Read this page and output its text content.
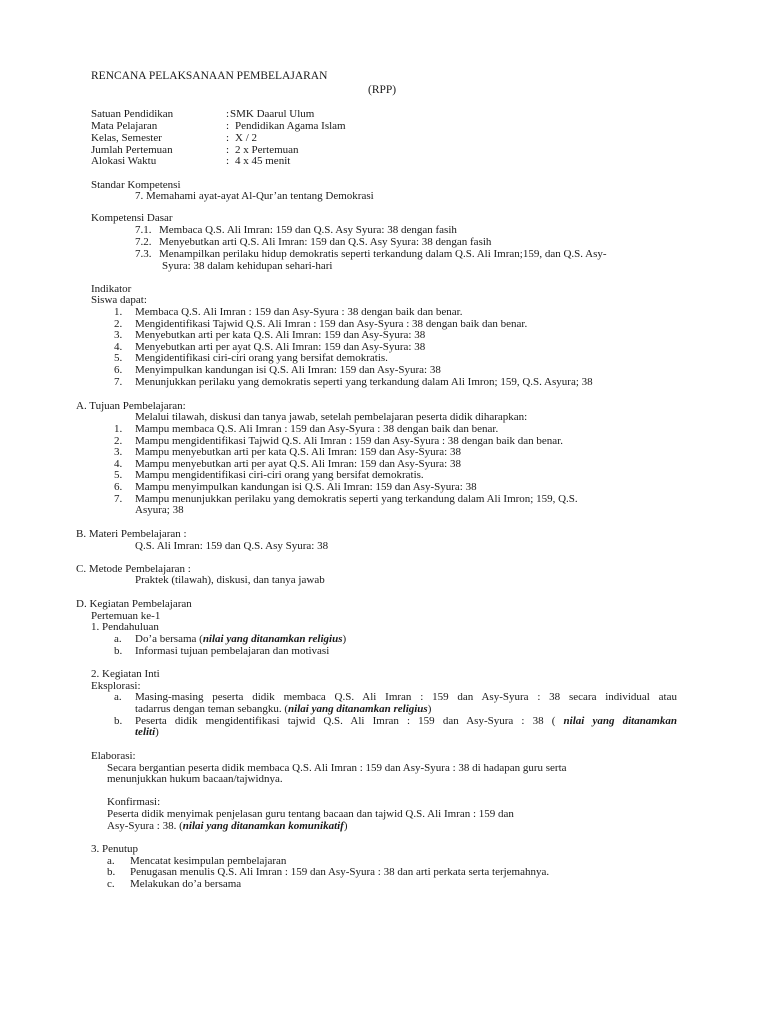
RENCANA PELAKSANAAN PEMBELAJARAN
(RPP)
Satuan Pendidikan	: SMK Daarul Ulum
Mata Pelajaran	: Pendidikan Agama Islam
Kelas, Semester	: X / 2
Jumlah Pertemuan	: 2 x Pertemuan
Alokasi Waktu	: 4 x 45 menit
Standar Kompetensi
7. Memahami ayat-ayat Al-Qur’an tentang Demokrasi
Kompetensi Dasar
7.1. Membaca Q.S. Ali Imran: 159 dan Q.S. Asy Syura: 38 dengan fasih
7.2. Menyebutkan arti Q.S. Ali Imran: 159 dan Q.S. Asy Syura: 38 dengan fasih
7.3. Menampilkan perilaku hidup demokratis seperti terkandung dalam Q.S. Ali Imran;159, dan Q.S. Asy-
Syura: 38 dalam kehidupan sehari-hari
Indikator
Siswa dapat:
1. Membaca Q.S. Ali Imran : 159 dan Asy-Syura : 38 dengan baik dan benar.
2. Mengidentifikasi Tajwid Q.S. Ali Imran : 159 dan Asy-Syura : 38 dengan baik dan benar.
3. Menyebutkan arti per kata Q.S. Ali Imran: 159 dan Asy-Syura: 38
4. Menyebutkan arti per ayat Q.S. Ali Imran: 159 dan Asy-Syura: 38
5. Mengidentifikasi ciri-ciri orang yang bersifat demokratis.
6. Menyimpulkan kandungan isi Q.S. Ali Imran: 159 dan Asy-Syura: 38
7. Menunjukkan perilaku yang demokratis seperti yang terkandung dalam Ali Imron; 159, Q.S. Asyura; 38
A. Tujuan Pembelajaran:
Melalui tilawah, diskusi dan tanya jawab, setelah pembelajaran peserta didik diharapkan:
1. Mampu membaca Q.S. Ali Imran : 159 dan Asy-Syura : 38 dengan baik dan benar.
2. Mampu mengidentifikasi Tajwid Q.S. Ali Imran : 159 dan Asy-Syura : 38 dengan baik dan benar.
3. Mampu menyebutkan arti per kata Q.S. Ali Imran: 159 dan Asy-Syura: 38
4. Mampu menyebutkan arti per ayat Q.S. Ali Imran: 159 dan Asy-Syura: 38
5. Mampu mengidentifikasi ciri-ciri orang yang bersifat demokratis.
6. Mampu menyimpulkan kandungan isi Q.S. Ali Imran: 159 dan Asy-Syura: 38
7. Mampu menunjukkan perilaku yang demokratis seperti yang terkandung dalam Ali Imron; 159, Q.S.
Asyura; 38
B. Materi Pembelajaran :
Q.S. Ali Imran: 159 dan Q.S. Asy Syura: 38
C. Metode Pembelajaran :
Praktek (tilawah), diskusi, dan tanya jawab
D. Kegiatan Pembelajaran
Pertemuan ke-1
1. Pendahuluan
a. Do’a bersama (nilai yang ditanamkan religius)
b. Informasi tujuan pembelajaran dan motivasi
2. Kegiatan Inti
Eksplorasi:
a. Masing-masing peserta didik membaca Q.S. Ali Imran : 159 dan Asy-Syura : 38 secara individual atau
tadarrus dengan teman sebangku. (nilai yang ditanamkan religius)
b. Peserta didik mengidentifikasi tajwid Q.S. Ali Imran : 159 dan Asy-Syura : 38 ( nilai yang ditanamkan
teliti)
Elaborasi:
Secara bergantian peserta didik membaca Q.S. Ali Imran : 159 dan Asy-Syura : 38 di hadapan guru serta
menunjukkan hukum bacaan/tajwidnya.
Konfirmasi:
Peserta didik menyimak penjelasan guru tentang bacaan dan tajwid Q.S. Ali Imran : 159 dan
Asy-Syura : 38. (nilai yang ditanamkan komunikatif)
3. Penutup
a. Mencatat kesimpulan pembelajaran
b. Penugasan menulis Q.S. Ali Imran : 159 dan Asy-Syura : 38 dan arti perkata serta terjemahnya.
c. Melakukan do’a bersama
